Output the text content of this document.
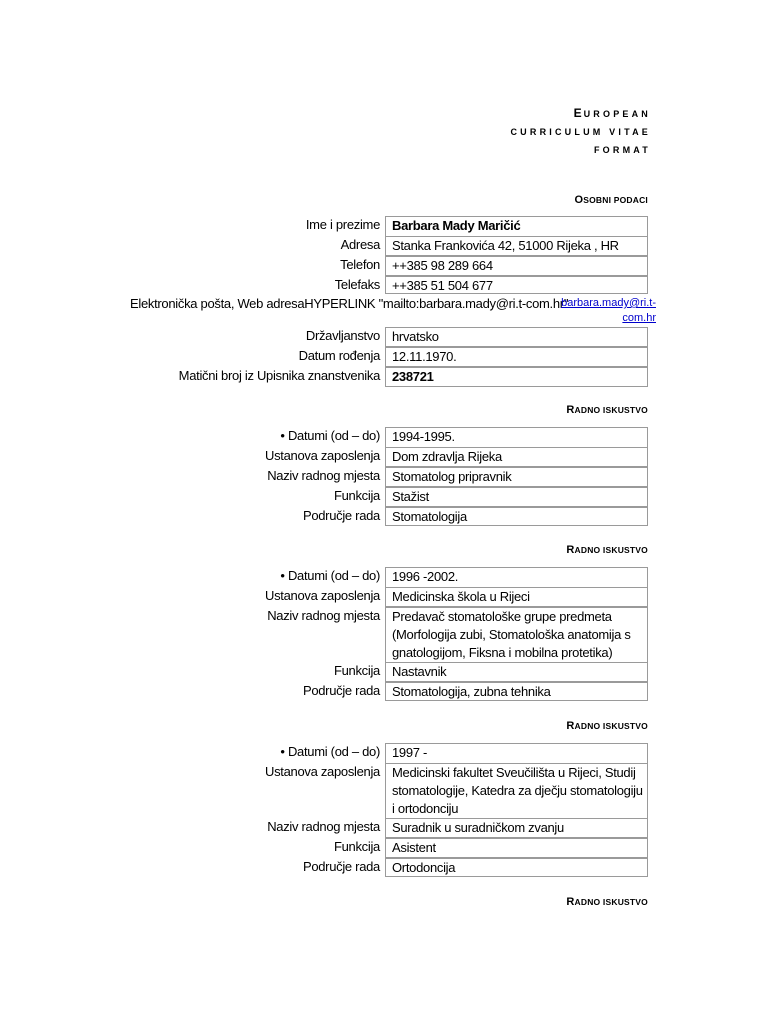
EUROPEAN
CURRICULUM VITAE
FORMAT
OSOBNI PODACI
Ime i prezime Barbara Mady Maričić
Adresa Stanka Frankovića 42, 51000 Rijeka , HR
Telefon ++385 98 289 664
Telefaks ++385 51 504 677
Elektronička pošta, Web adresaHYPERLINK "mailto:barbara.mady@ri.t-com.hr"
barbara.mady@ri.t-
com.hr
Državljanstvo hrvatsko
Datum rođenja 12.11.1970.
Matični broj iz Upisnika znanstvenika 238721
RADNO ISKUSTVO
• Datumi (od – do) 1994-1995.
Ustanova zaposlenja Dom zdravlja Rijeka
Naziv radnog mjesta Stomatolog pripravnik
Funkcija Stažist
Područje rada Stomatologija
RADNO ISKUSTVO
• Datumi (od – do) 1996 -2002.
Ustanova zaposlenja Medicinska škola u Rijeci
Naziv radnog mjesta Predavač stomatološke grupe predmeta (Morfologija zubi, Stomatološka anatomija s gnatologijom, Fiksna i mobilna protetika)
Funkcija Nastavnik
Područje rada Stomatologija, zubna tehnika
RADNO ISKUSTVO
• Datumi (od – do) 1997 -
Ustanova zaposlenja Medicinski fakultet Sveučilišta u Rijeci, Studij stomatologije, Katedra za dječju stomatologiju i ortodonciju
Naziv radnog mjesta Suradnik u suradničkom zvanju
Funkcija Asistent
Područje rada Ortodoncija
RADNO ISKUSTVO
